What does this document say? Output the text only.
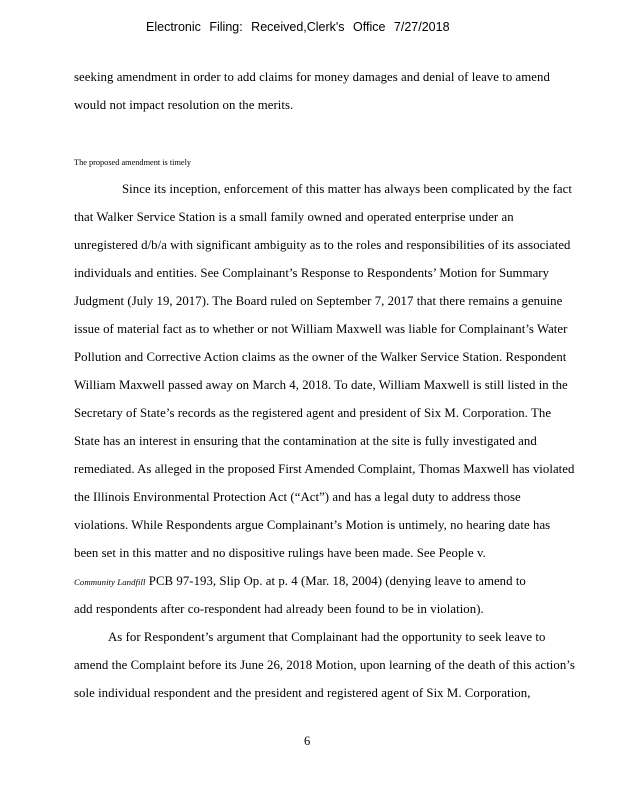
Electronic Filing: Received,Clerk's Office 7/27/2018
seeking amendment in order to add claims for money damages and denial of leave to amend
would not impact resolution on the merits.
The proposed amendment is timely
Since its inception, enforcement of this matter has always been complicated by the fact
that Walker Service Station is a small family owned and operated enterprise under an
unregistered d/b/a with significant ambiguity as to the roles and responsibilities of its associated
individuals and entities. See Complainant’s Response to Respondents’ Motion for Summary
Judgment (July 19, 2017). The Board ruled on September 7, 2017 that there remains a genuine
issue of material fact as to whether or not William Maxwell was liable for Complainant’s Water
Pollution and Corrective Action claims as the owner of the Walker Service Station. Respondent
William Maxwell passed away on March 4, 2018. To date, William Maxwell is still listed in the
Secretary of State’s records as the registered agent and president of Six M. Corporation. The
State has an interest in ensuring that the contamination at the site is fully investigated and
remediated. As alleged in the proposed First Amended Complaint, Thomas Maxwell has violated
the Illinois Environmental Protection Act (“Act”) and has a legal duty to address those
violations. While Respondents argue Complainant’s Motion is untimely, no hearing date has
been set in this matter and no dispositive rulings have been made. See People v.
Community Landfill PCB 97-193, Slip Op. at p. 4 (Mar. 18, 2004) (denying leave to amend to
add respondents after co-respondent had already been found to be in violation).
As for Respondent’s argument that Complainant had the opportunity to seek leave to
amend the Complaint before its June 26, 2018 Motion, upon learning of the death of this action’s
sole individual respondent and the president and registered agent of Six M. Corporation,
6
